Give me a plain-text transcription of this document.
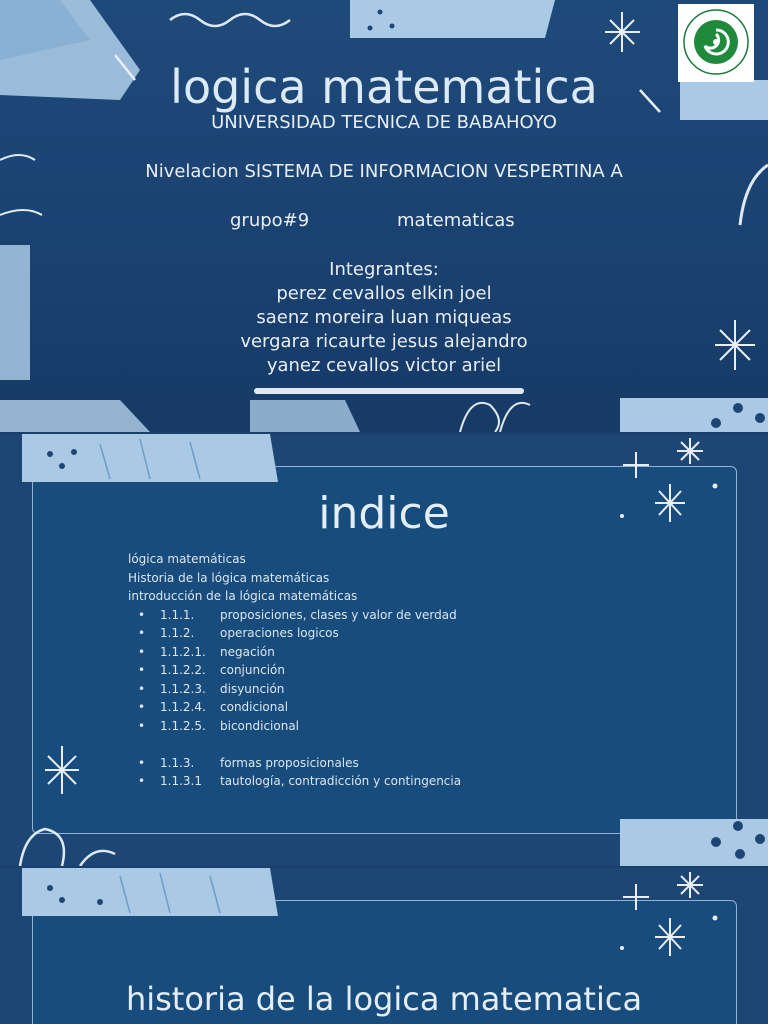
logica matematica
UNIVERSIDAD TECNICA DE BABAHOYO
Nivelacion SISTEMA DE INFORMACION VESPERTINA A
grupo#9	matematicas
Integrantes:
perez cevallos elkin joel
saenz moreira luan miqueas
vergara ricaurte jesus alejandro
yanez cevallos victor ariel
indice
lógica matemáticas
Historia de la lógica matemáticas
introducción de la lógica matemáticas
•	1.1.1.	proposiciones, clases y valor de verdad
•	1.1.2.	operaciones logicos
•	1.1.2.1.	negación
•	1.1.2.2.	conjunción
•	1.1.2.3.	disyunción
•	1.1.2.4.	condicional
•	1.1.2.5.	bicondicional
•	1.1.3.	formas proposicionales
•	1.1.3.1	tautología, contradicción y contingencia
historia de la logica matematica
